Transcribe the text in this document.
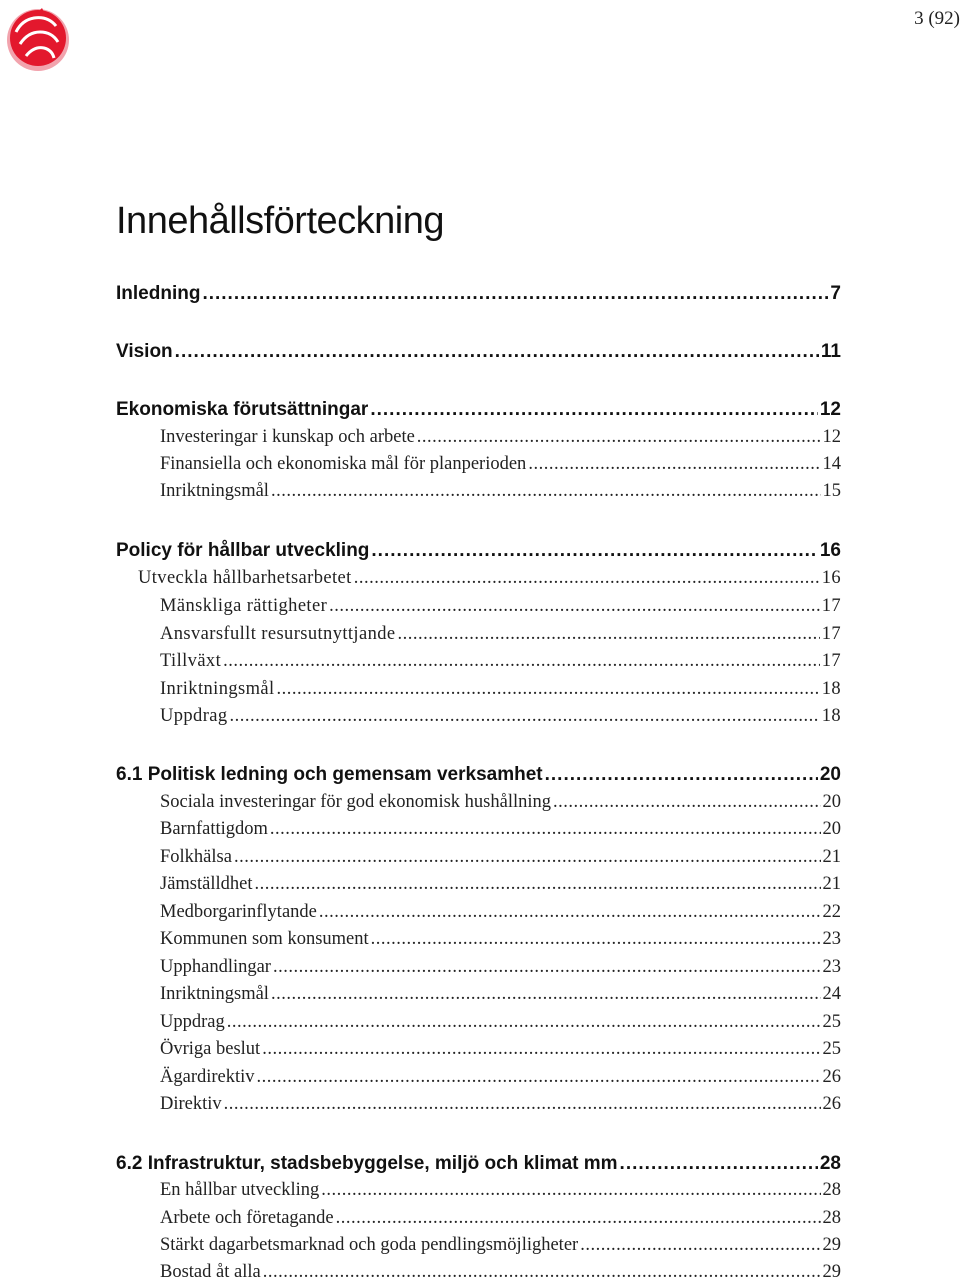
3 (92)
Innehållsförteckning
Inledning .....	7
Vision .....	11
Ekonomiska förutsättningar .....	12
Investeringar i kunskap och arbete .....	12
Finansiella och ekonomiska mål för planperioden .....	14
Inriktningsmål .....	15
Policy för hållbar utveckling .....	16
Utveckla hållbarhetsarbetet .....	16
Mänskliga rättigheter .....	17
Ansvarsfullt resursutnyttjande .....	17
Tillväxt .....	17
Inriktningsmål .....	18
Uppdrag .....	18
6.1 Politisk ledning och gemensam verksamhet .....	20
Sociala investeringar för god ekonomisk hushållning .....	20
Barnfattigdom .....	20
Folkhälsa .....	21
Jämställdhet .....	21
Medborgarinflytande .....	22
Kommunen som konsument .....	23
Upphandlingar .....	23
Inriktningsmål .....	24
Uppdrag .....	25
Övriga beslut .....	25
Ägardirektiv .....	26
Direktiv .....	26
6.2 Infrastruktur, stadsbebyggelse, miljö och klimat mm .....	28
En hållbar utveckling .....	28
Arbete och företagande .....	28
Stärkt dagarbetsmarknad och goda pendlingsmöjligheter .....	29
Bostad åt alla .....	29
